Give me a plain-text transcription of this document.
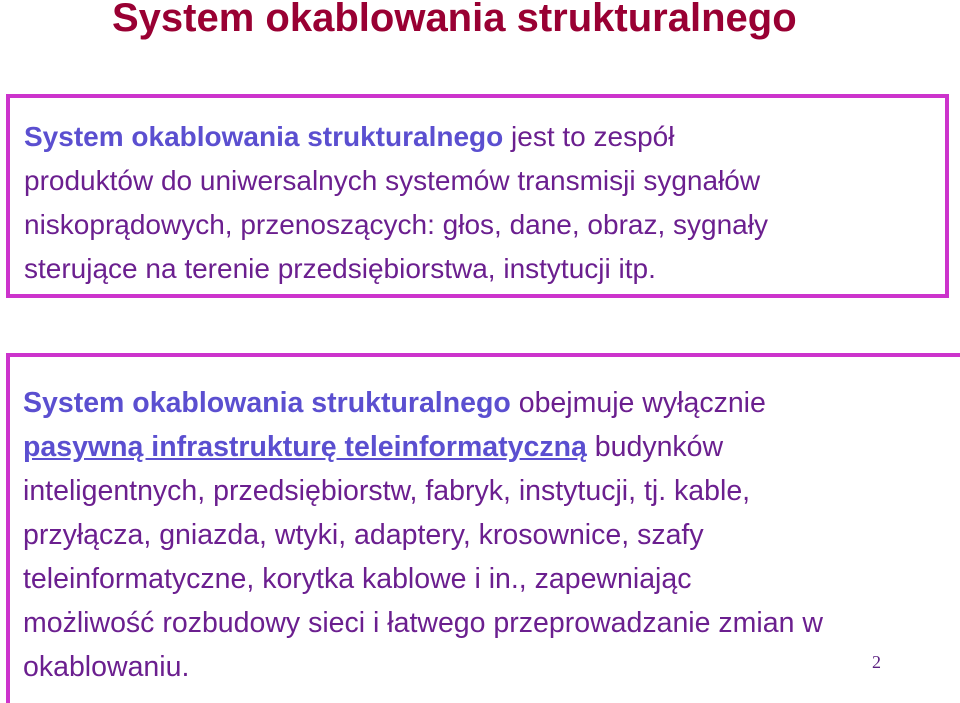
System okablowania strukturalnego

System okablowania strukturalnego jest to zespół
produktów do uniwersalnych systemów transmisji sygnałów
niskoprądowych, przenoszących: głos, dane, obraz, sygnały
sterujące na terenie przedsiębiorstwa, instytucji itp.

System okablowania strukturalnego obejmuje wyłącznie
pasywną infrastrukturę teleinformatyczną budynków
inteligentnych, przedsiębiorstw, fabryk, instytucji, tj. kable,
przyłącza, gniazda, wtyki, adaptery, krosownice, szafy
teleinformatyczne, korytka kablowe i in., zapewniając
możliwość rozbudowy sieci i łatwego przeprowadzanie zmian w
okablowaniu.	2
